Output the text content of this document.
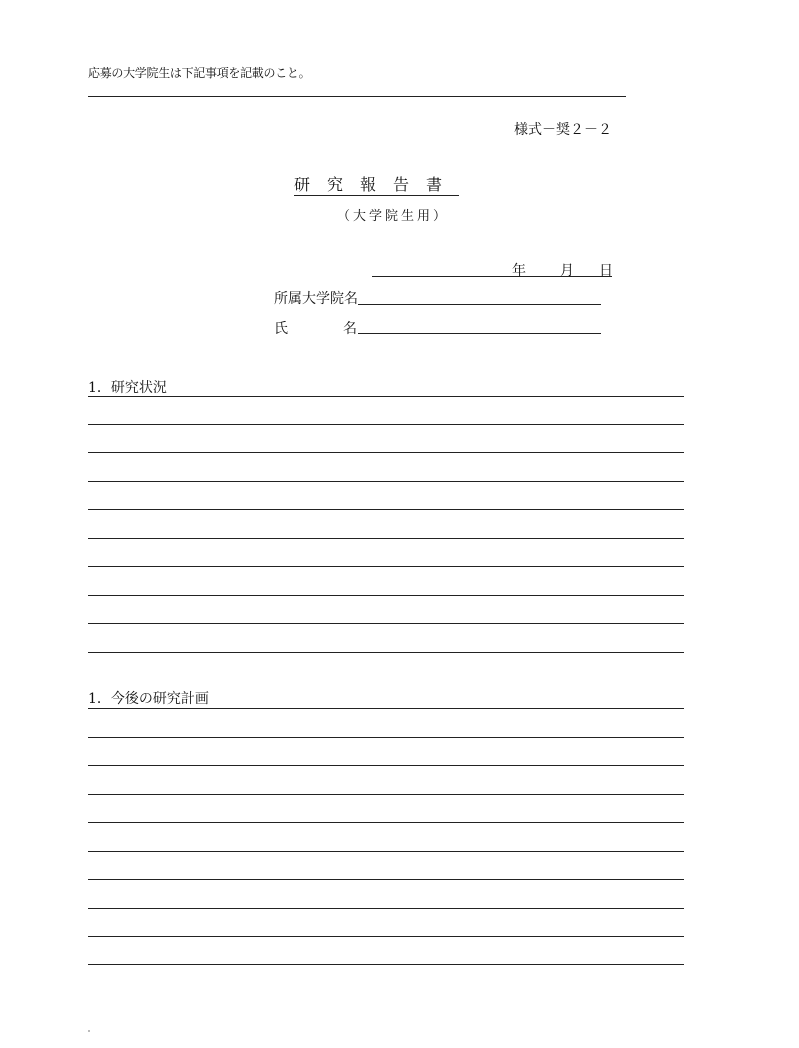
応募の大学院生は下記事項を記載のこと。
様式－奨２－２
研究報告書
（大学院生用）
年 月 日
所属大学院名
氏	名
1．研究状況
1．今後の研究計画
